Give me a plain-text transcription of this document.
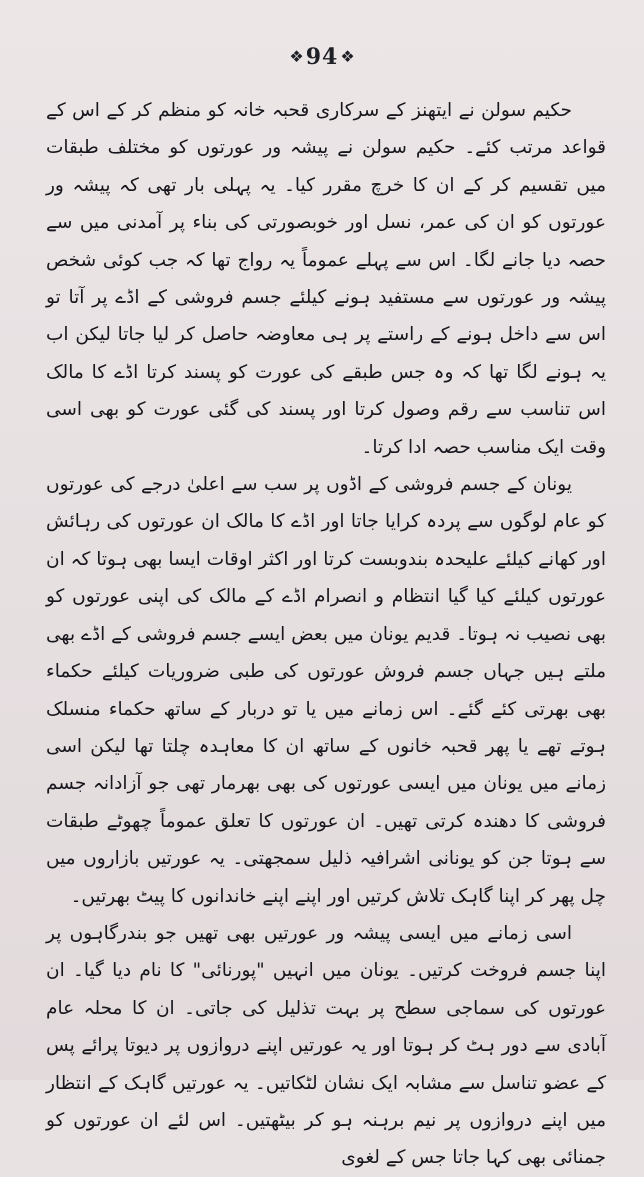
❖94 ❖

حکیم سولن نے ایتھنز کے سرکاری قحبہ خانہ کو منظم کر کے اس کے قواعد مرتب کئے۔ حکیم سولن نے پیشہ ور عورتوں کو مختلف طبقات میں تقسیم کر کے ان کا خرچ مقرر کیا۔ یہ پہلی بار تھی کہ پیشہ ور عورتوں کو ان کی عمر، نسل اور خوبصورتی کی بناء پر آمدنی میں سے حصہ دیا جانے لگا۔ اس سے پہلے عموماً یہ رواج تھا کہ جب کوئی شخص پیشہ ور عورتوں سے مستفید ہونے کیلئے جسم فروشی کے اڈے پر آتا تو اس سے داخل ہونے کے راستے پر ہی معاوضہ حاصل کر لیا جاتا لیکن اب یہ ہونے لگا تھا کہ وہ جس طبقے کی عورت کو پسند کرتا اڈے کا مالک اس تناسب سے رقم وصول کرتا اور پسند کی گئی عورت کو بھی اسی وقت ایک مناسب حصہ ادا کرتا۔

یونان کے جسم فروشی کے اڈوں پر سب سے اعلیٰ درجے کی عورتوں کو عام لوگوں سے پردہ کرایا جاتا اور اڈے کا مالک ان عورتوں کی رہائش اور کھانے کیلئے علیحدہ بندوبست کرتا اور اکثر اوقات ایسا بھی ہوتا کہ ان عورتوں کیلئے کیا گیا انتظام و انصرام اڈے کے مالک کی اپنی عورتوں کو بھی نصیب نہ ہوتا۔ قدیم یونان میں بعض ایسے جسم فروشی کے اڈے بھی ملتے ہیں جہاں جسم فروش عورتوں کی طبی ضروریات کیلئے حکماء بھی بھرتی کئے گئے۔ اس زمانے میں یا تو دربار کے ساتھ حکماء منسلک ہوتے تھے یا پھر قحبہ خانوں کے ساتھ ان کا معاہدہ چلتا تھا لیکن اسی زمانے میں یونان میں ایسی عورتوں کی بھی بھرمار تھی جو آزادانہ جسم فروشی کا دھندہ کرتی تھیں۔ ان عورتوں کا تعلق عموماً چھوٹے طبقات سے ہوتا جن کو یونانی اشرافیہ ذلیل سمجھتی۔ یہ عورتیں بازاروں میں چل پھر کر اپنا گاہک تلاش کرتیں اور اپنے اپنے خاندانوں کا پیٹ بھرتیں۔

اسی زمانے میں ایسی پیشہ ور عورتیں بھی تھیں جو بندرگاہوں پر اپنا جسم فروخت کرتیں۔ یونان میں انہیں "پورنائی" کا نام دیا گیا۔ ان عورتوں کی سماجی سطح پر بہت تذلیل کی جاتی۔ ان کا محلہ عام آبادی سے دور ہٹ کر ہوتا اور یہ عورتیں اپنے دروازوں پر دیوتا پرائے پس کے عضو تناسل سے مشابہ ایک نشان لٹکاتیں۔ یہ عورتیں گاہک کے انتظار میں اپنے دروازوں پر نیم برہنہ ہو کر بیٹھتیں۔ اس لئے ان عورتوں کو جمنائی بھی کہا جاتا جس کے لغوی
